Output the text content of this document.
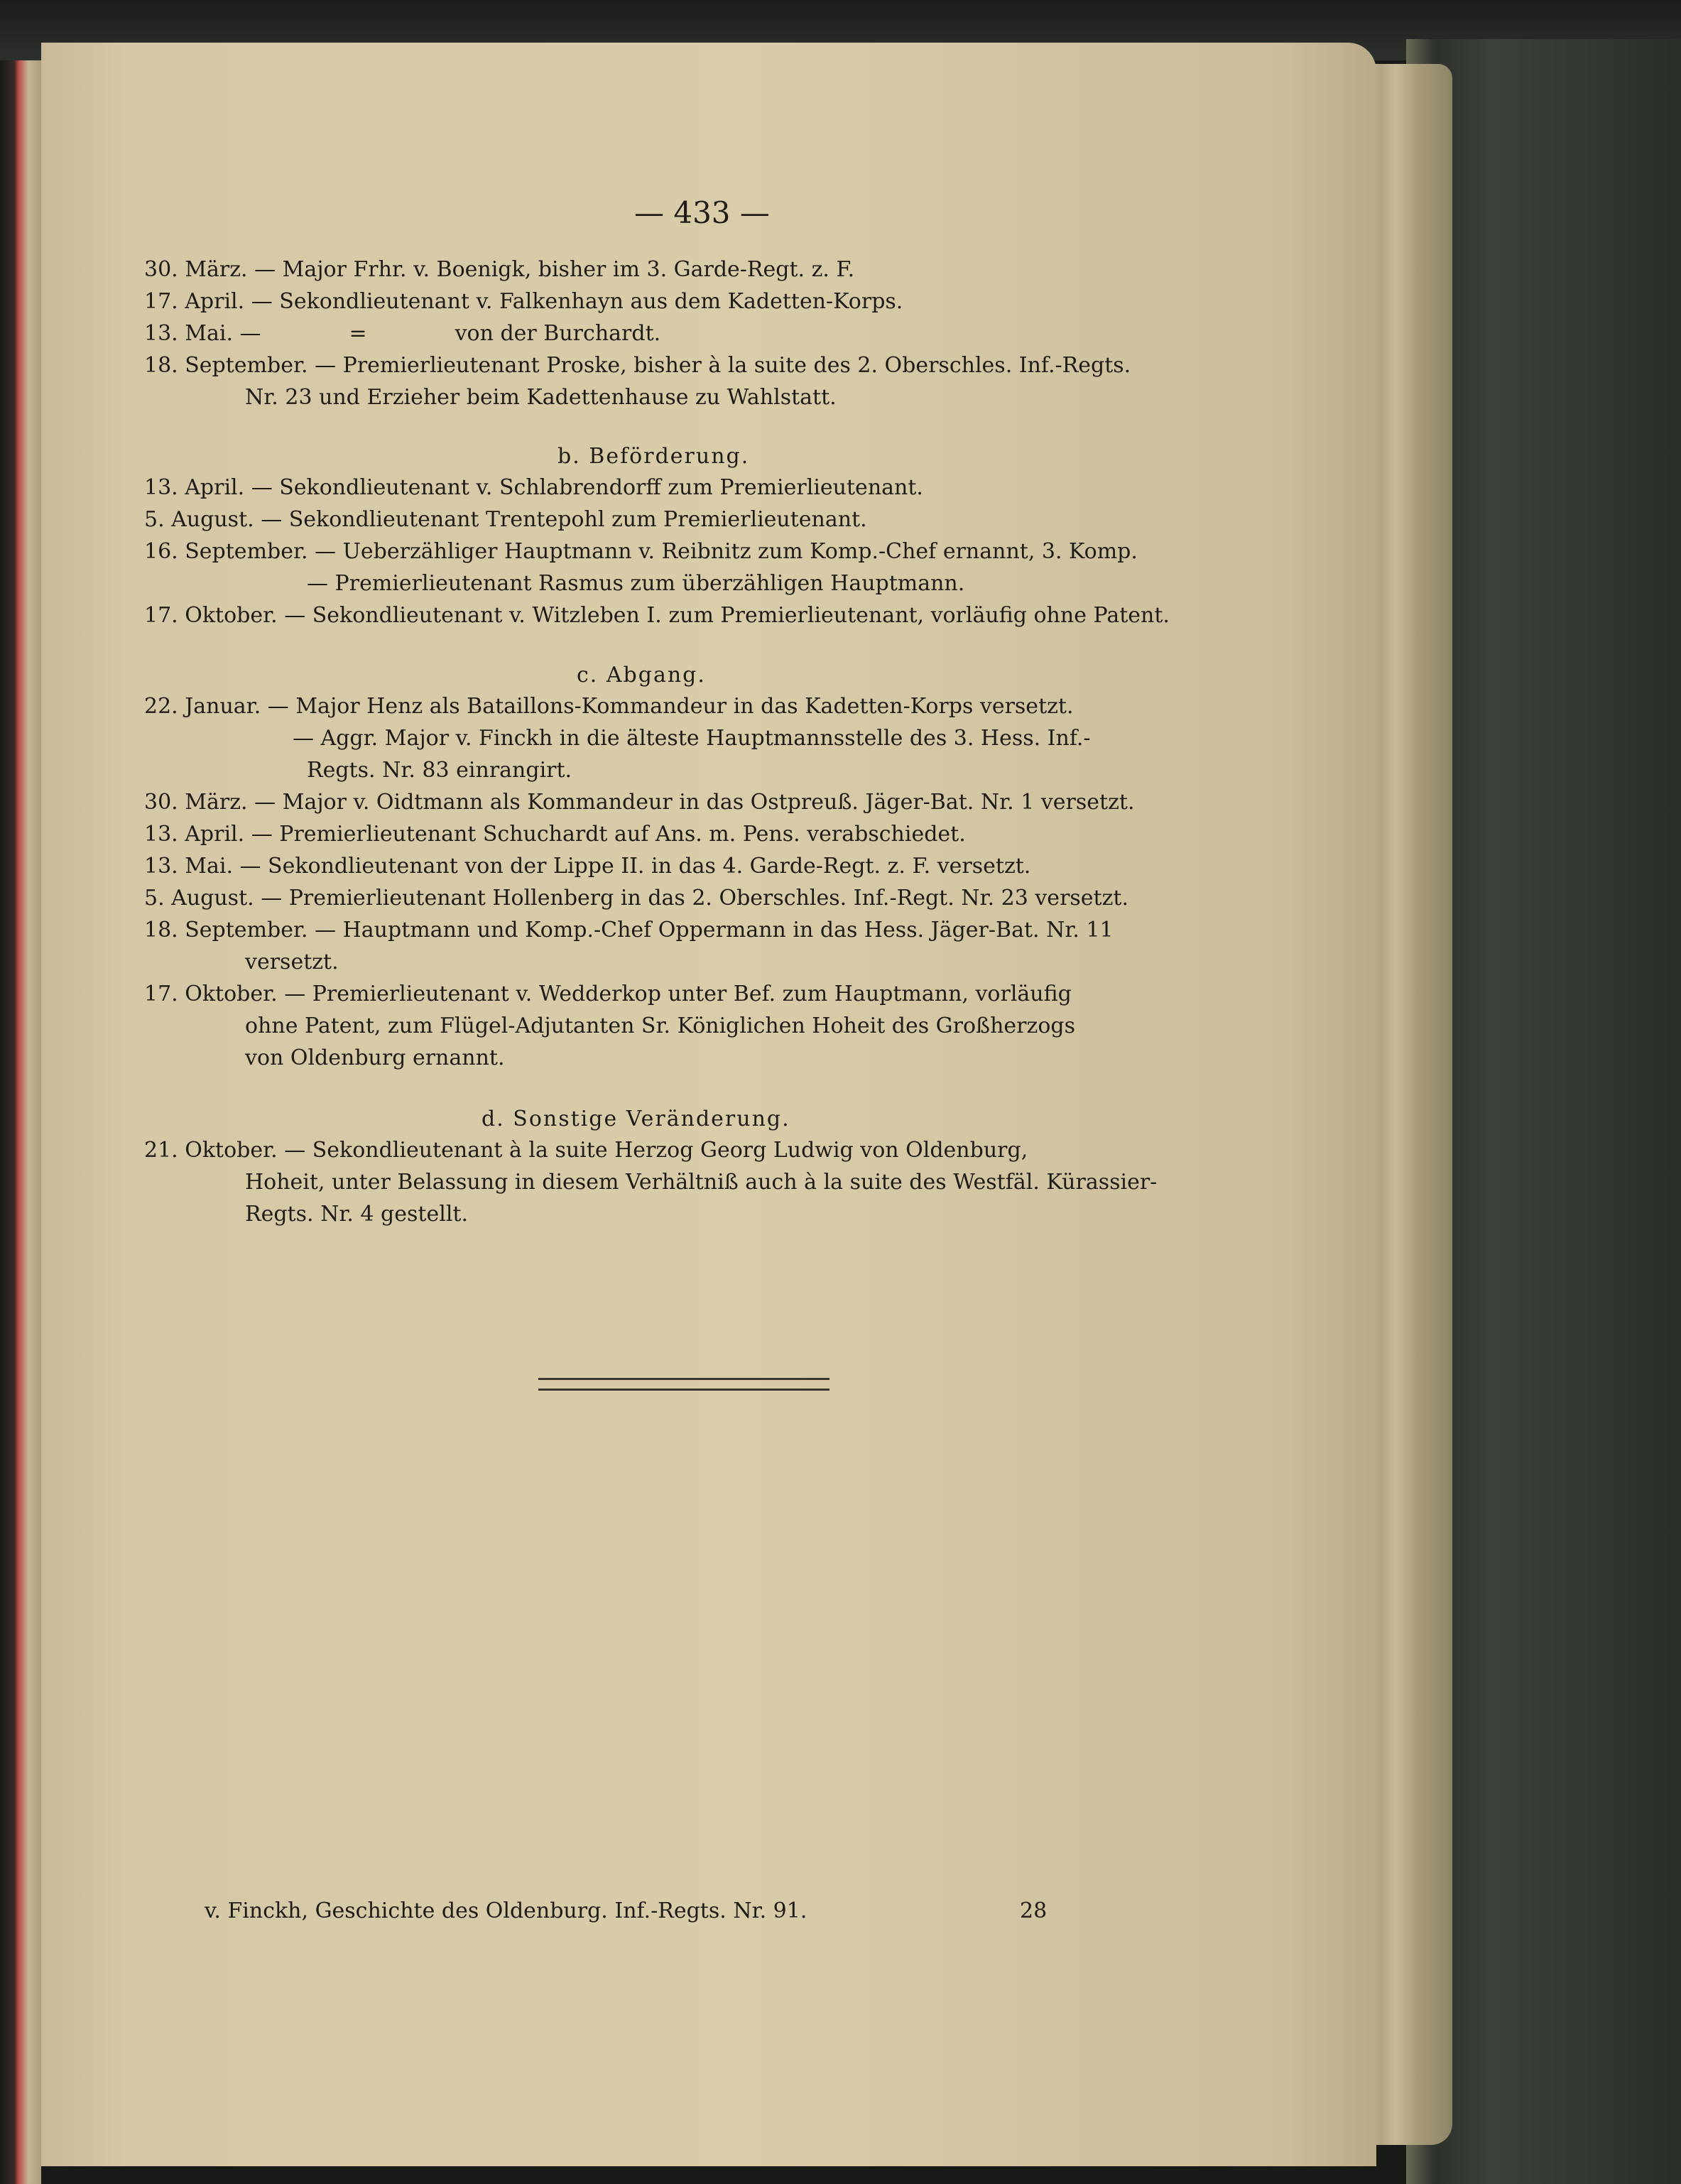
— 433 —
30. März. — Major Frhr. v. Boenigk, bisher im 3. Garde-Regt. z. F.
17. April. — Sekondlieutenant v. Falkenhayn aus dem Kadetten-Korps.
13. Mai. —             =             von der Burchardt.
18. September. — Premierlieutenant Proske, bisher à la suite des 2. Oberschles. Inf.-Regts.
Nr. 23 und Erzieher beim Kadettenhause zu Wahlstatt.
b. Beförderung.
13. April. — Sekondlieutenant v. Schlabrendorff zum Premierlieutenant.
5. August. — Sekondlieutenant Trentepohl zum Premierlieutenant.
16. September. — Ueberzähliger Hauptmann v. Reibnitz zum Komp.-Chef ernannt, 3. Komp.
— Premierlieutenant Rasmus zum überzähligen Hauptmann.
17. Oktober. — Sekondlieutenant v. Witzleben I. zum Premierlieutenant, vorläufig ohne Patent.
c. Abgang.
22. Januar. — Major Henz als Bataillons-Kommandeur in das Kadetten-Korps versetzt.
— Aggr. Major v. Finckh in die älteste Hauptmannsstelle des 3. Hess. Inf.-
Regts. Nr. 83 einrangirt.
30. März. — Major v. Oidtmann als Kommandeur in das Ostpreuß. Jäger-Bat. Nr. 1 versetzt.
13. April. — Premierlieutenant Schuchardt auf Ans. m. Pens. verabschiedet.
13. Mai. — Sekondlieutenant von der Lippe II. in das 4. Garde-Regt. z. F. versetzt.
5. August. — Premierlieutenant Hollenberg in das 2. Oberschles. Inf.-Regt. Nr. 23 versetzt.
18. September. — Hauptmann und Komp.-Chef Oppermann in das Hess. Jäger-Bat. Nr. 11
versetzt.
17. Oktober. — Premierlieutenant v. Wedderkop unter Bef. zum Hauptmann, vorläufig
ohne Patent, zum Flügel-Adjutanten Sr. Königlichen Hoheit des Großherzogs
von Oldenburg ernannt.
d. Sonstige Veränderung.
21. Oktober. — Sekondlieutenant à la suite Herzog Georg Ludwig von Oldenburg,
Hoheit, unter Belassung in diesem Verhältniß auch à la suite des Westfäl. Kürassier-
Regts. Nr. 4 gestellt.
v. Finckh, Geschichte des Oldenburg. Inf.-Regts. Nr. 91.	28
